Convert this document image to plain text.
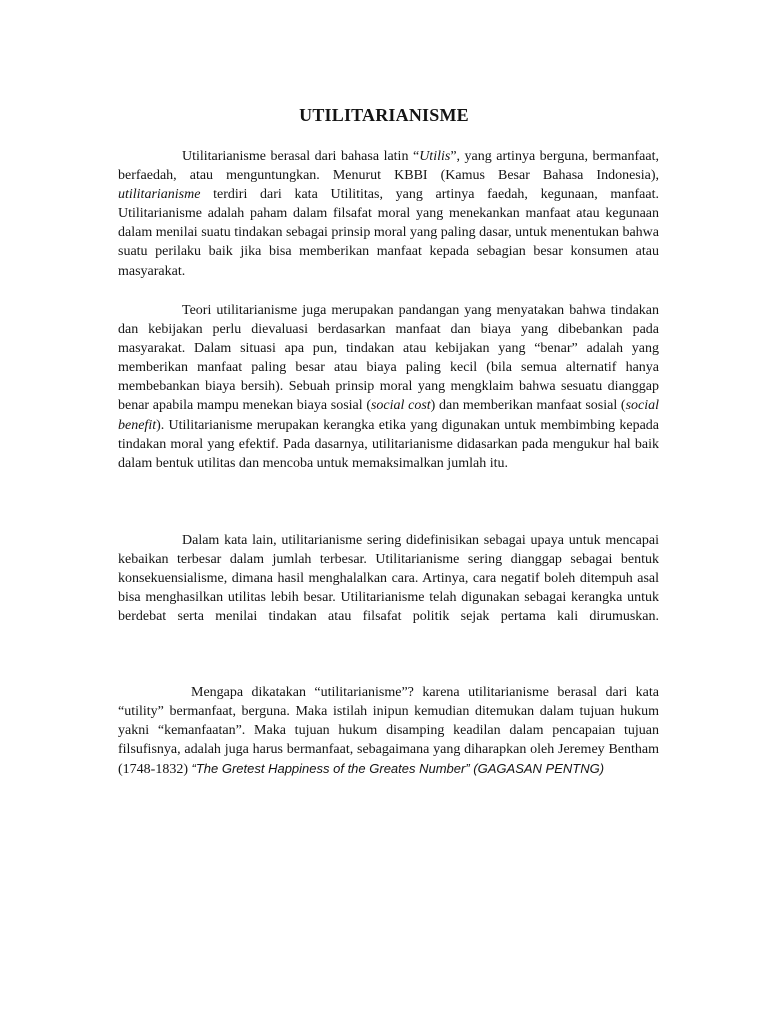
UTILITARIANISME

Utilitarianisme berasal dari bahasa latin “Utilis”, yang artinya berguna, bermanfaat, berfaedah, atau menguntungkan. Menurut KBBI (Kamus Besar Bahasa Indonesia), utilitarianisme terdiri dari kata Utilititas, yang artinya faedah, kegunaan, manfaat. Utilitarianisme adalah paham dalam filsafat moral yang menekankan manfaat atau kegunaan dalam menilai suatu tindakan sebagai prinsip moral yang paling dasar, untuk menentukan bahwa suatu perilaku baik jika bisa memberikan manfaat kepada sebagian besar konsumen atau masyarakat.

Teori utilitarianisme juga merupakan pandangan yang menyatakan bahwa tindakan dan kebijakan perlu dievaluasi berdasarkan manfaat dan biaya yang dibebankan pada masyarakat. Dalam situasi apa pun, tindakan atau kebijakan yang “benar” adalah yang memberikan manfaat paling besar atau biaya paling kecil (bila semua alternatif hanya membebankan biaya bersih). Sebuah prinsip moral yang mengklaim bahwa sesuatu dianggap benar apabila mampu menekan biaya sosial (social cost) dan memberikan manfaat sosial (social benefit). Utilitarianisme merupakan kerangka etika yang digunakan untuk membimbing kepada tindakan moral yang efektif. Pada dasarnya, utilitarianisme didasarkan pada mengukur hal baik dalam bentuk utilitas dan mencoba untuk memaksimalkan jumlah itu.

Dalam kata lain, utilitarianisme sering didefinisikan sebagai upaya untuk mencapai kebaikan terbesar dalam jumlah terbesar. Utilitarianisme sering dianggap sebagai bentuk konsekuensialisme, dimana hasil menghalalkan cara. Artinya, cara negatif boleh ditempuh asal bisa menghasilkan utilitas lebih besar. Utilitarianisme telah digunakan sebagai kerangka untuk berdebat serta menilai tindakan atau filsafat politik sejak pertama kali dirumuskan.

Mengapa dikatakan “utilitarianisme”? karena utilitarianisme berasal dari kata “utility” bermanfaat, berguna. Maka istilah inipun kemudian ditemukan dalam tujuan hukum yakni “kemanfaatan”. Maka tujuan hukum disamping keadilan dalam pencapaian tujuan filsufisnya, adalah juga harus bermanfaat, sebagaimana yang diharapkan oleh Jeremey Bentham (1748-1832) “The Gretest Happiness of the Greates Number” (GAGASAN PENTNG)
